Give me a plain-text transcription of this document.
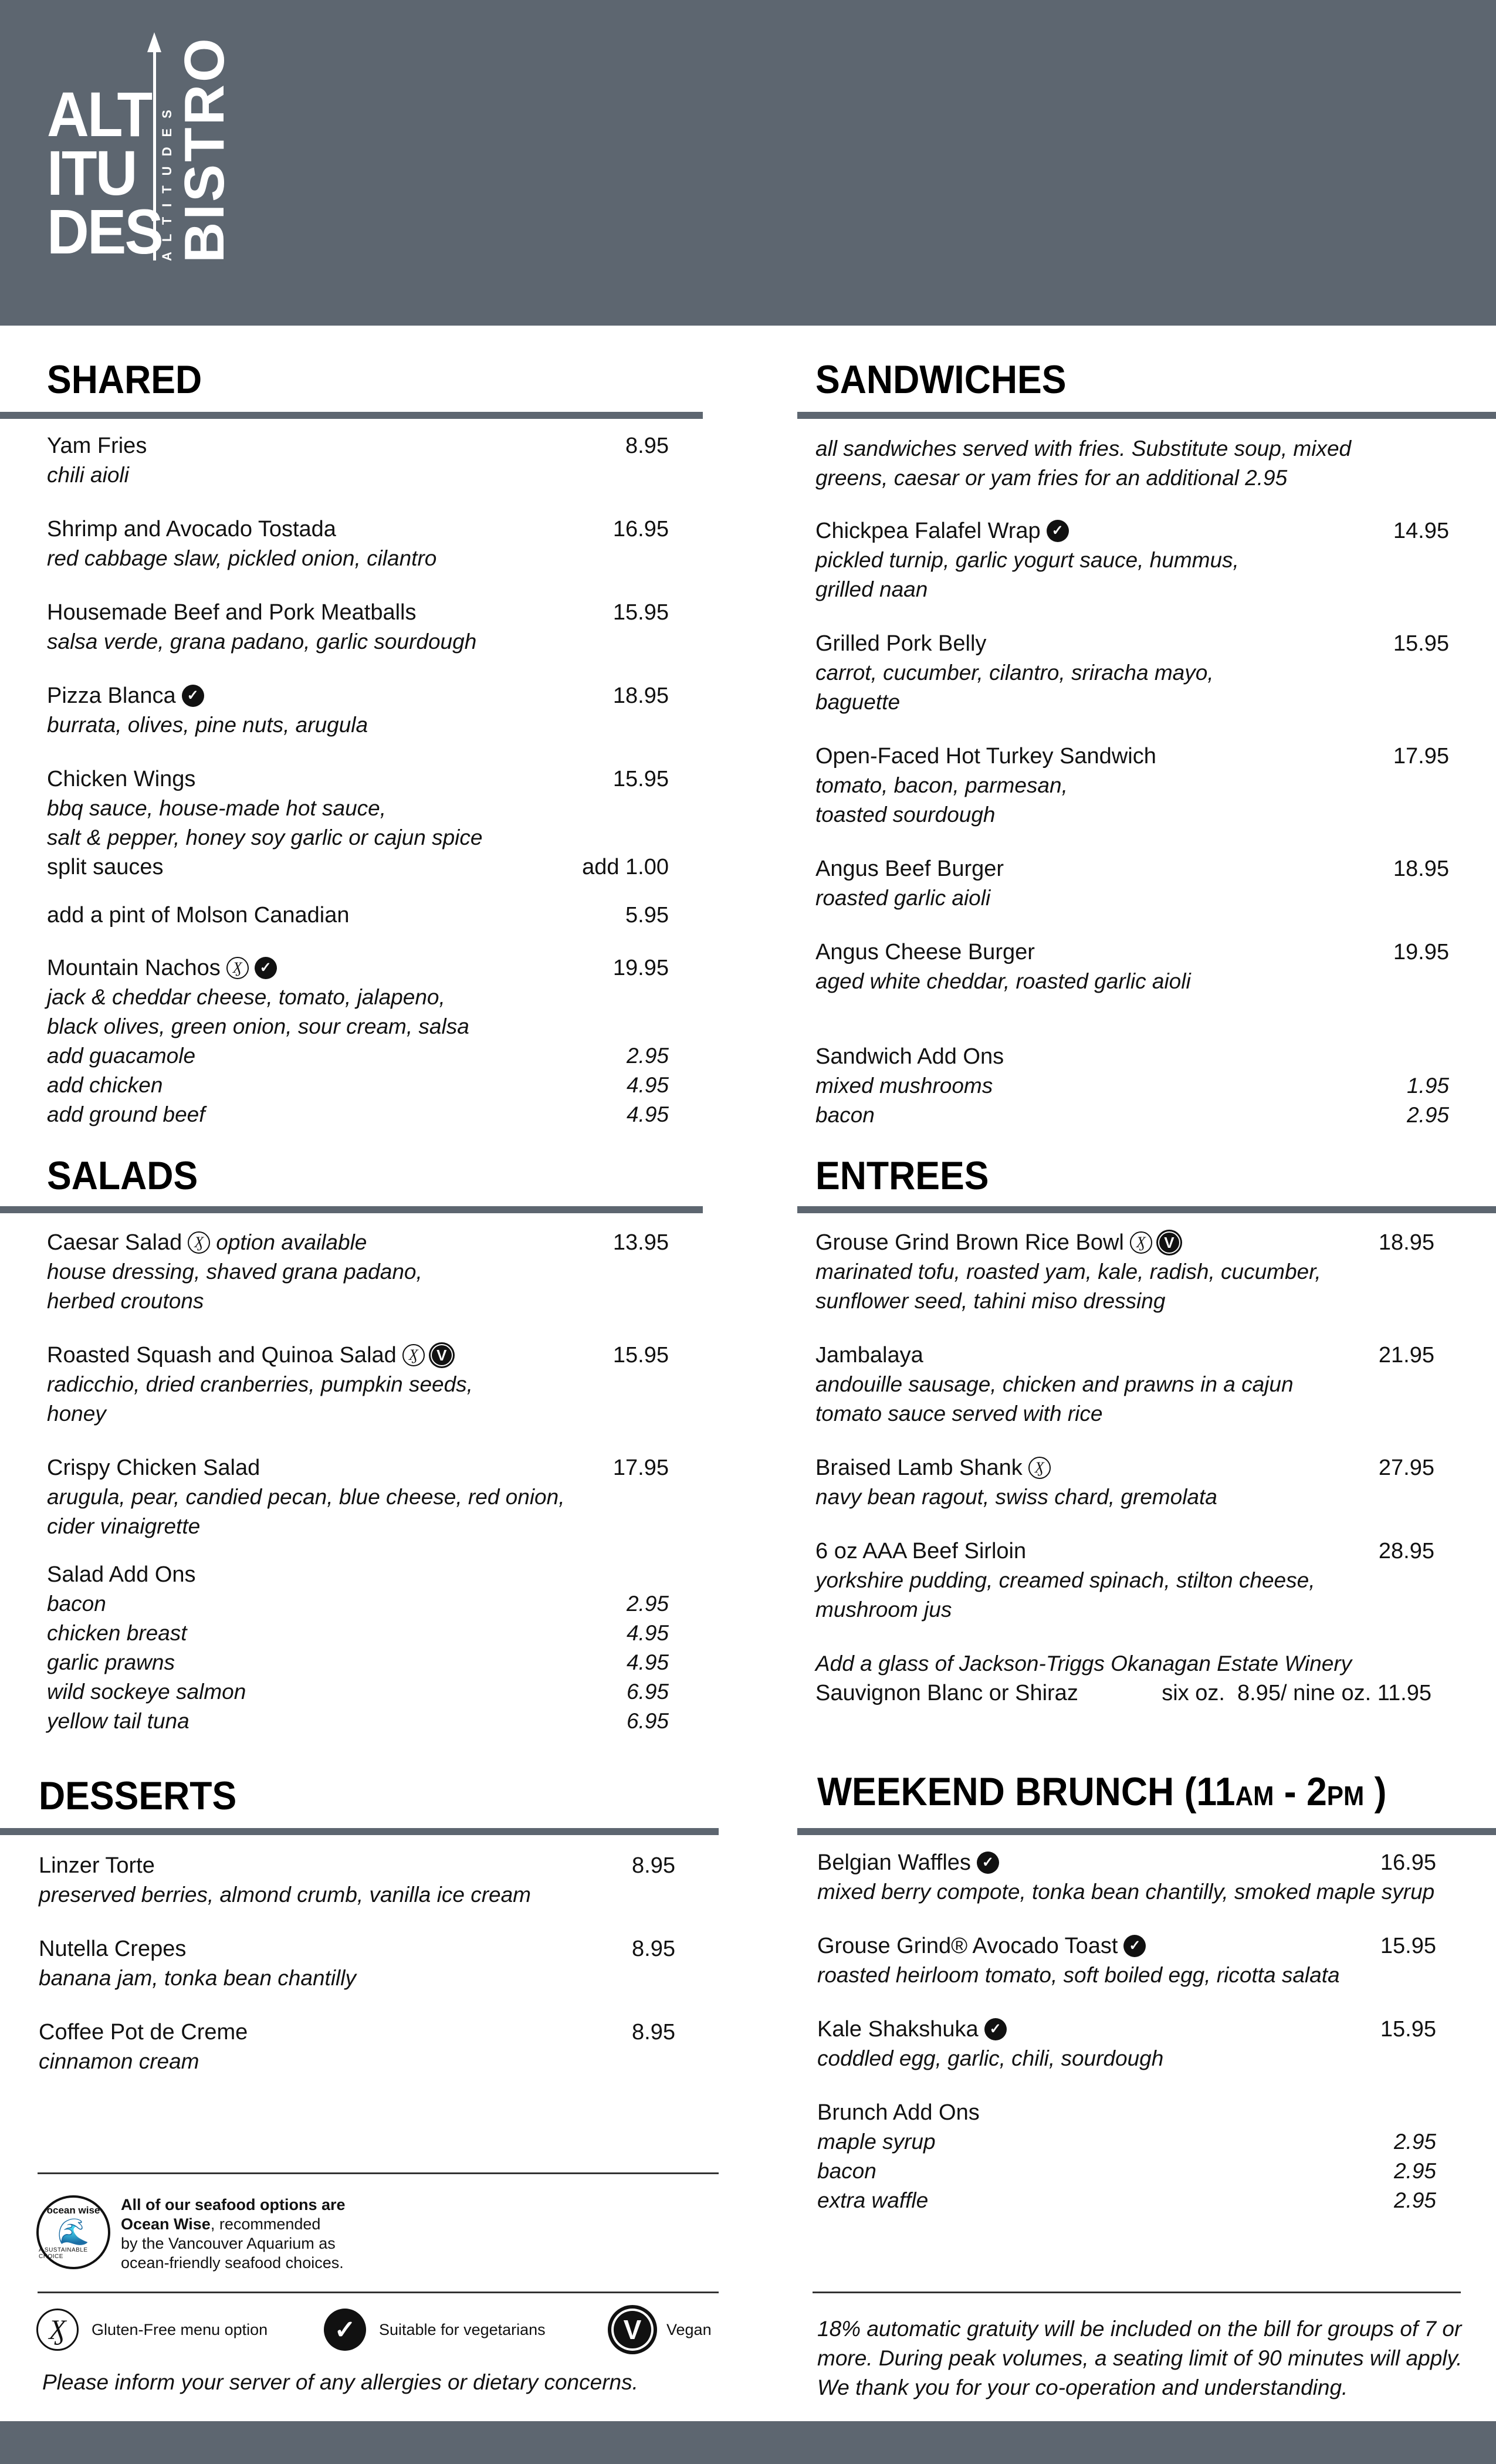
ALT
ITU
DES
ALTITUDES
BISTRO
SHARED
Yam Fries	8.95
chili aioli
Shrimp and Avocado Tostada	16.95
red cabbage slaw, pickled onion, cilantro
Housemade Beef and Pork Meatballs	15.95
salsa verde, grana padano, garlic sourdough
Pizza Blanca ✓	18.95
burrata, olives, pine nuts, arugula
Chicken Wings	15.95
bbq sauce, house-made hot sauce,
salt & pepper, honey soy garlic or cajun spice
split sauces	add 1.00
add a pint of Molson Canadian	5.95
Mountain Nachos Ӽ	✓	19.95
jack & cheddar cheese, tomato, jalapeno,
black olives, green onion, sour cream, salsa
add guacamole	2.95
add chicken	4.95
add ground beef	4.95
SANDWICHES
all sandwiches served with fries. Substitute soup, mixed
greens, caesar or yam fries for an additional 2.95
Chickpea Falafel Wrap ✓	14.95
pickled turnip, garlic yogurt sauce, hummus,
grilled naan
Grilled Pork Belly	15.95
carrot, cucumber, cilantro, sriracha mayo,
baguette
Open-Faced Hot Turkey Sandwich	17.95
tomato, bacon, parmesan,
toasted sourdough
Angus Beef Burger	18.95
roasted garlic aioli
Angus Cheese Burger	19.95
aged white cheddar, roasted garlic aioli
Sandwich Add Ons
mixed mushrooms	1.95
bacon	2.95
SALADS
Caesar Salad Ӽ option available	13.95
house dressing, shaved grana padano,
herbed croutons
Roasted Squash and Quinoa Salad Ӽ	V	15.95
radicchio, dried cranberries, pumpkin seeds,
honey
Crispy Chicken Salad	17.95
arugula, pear, candied pecan, blue cheese, red onion,
cider vinaigrette
Salad Add Ons
bacon	2.95
chicken breast	4.95
garlic prawns	4.95
wild sockeye salmon	6.95
yellow tail tuna	6.95
ENTREES
Grouse Grind Brown Rice Bowl Ӽ	V	18.95
marinated tofu, roasted yam, kale, radish, cucumber,
sunflower seed, tahini miso dressing
Jambalaya	21.95
andouille sausage, chicken and prawns in a cajun
tomato sauce served with rice
Braised Lamb Shank Ӽ	27.95
navy bean ragout, swiss chard, gremolata
6 oz AAA Beef Sirloin	28.95
yorkshire pudding, creamed spinach, stilton cheese,
mushroom jus
Add a glass of Jackson-Triggs Okanagan Estate Winery
Sauvignon Blanc or Shiraz	six oz.  8.95/ nine oz. 11.95
DESSERTS
Linzer Torte	8.95
preserved berries, almond crumb, vanilla ice cream
Nutella Crepes	8.95
banana jam, tonka bean chantilly
Coffee Pot de Creme	8.95
cinnamon cream
WEEKEND BRUNCH (11AM - 2PM )
Belgian Waffles ✓	16.95
mixed berry compote, tonka bean chantilly, smoked maple syrup
Grouse Grind® Avocado Toast ✓	15.95
roasted heirloom tomato, soft boiled egg, ricotta salata
Kale Shakshuka ✓	15.95
coddled egg, garlic, chili, sourdough
Brunch Add Ons
maple syrup	2.95
bacon	2.95
extra waffle	2.95
ocean wise
🌊
A SUSTAINABLE CHOICE
All of our seafood options are
Ocean Wise, recommended
by the Vancouver Aquarium as
ocean-friendly seafood choices.
Ӽ	Gluten-Free menu option	✓	Suitable for vegetarians	V	Vegan
Please inform your server of any allergies or dietary concerns.
18% automatic gratuity will be included on the bill for groups of 7 or more. During peak volumes, a seating limit of 90 minutes will apply. We thank you for your co-operation and understanding.
